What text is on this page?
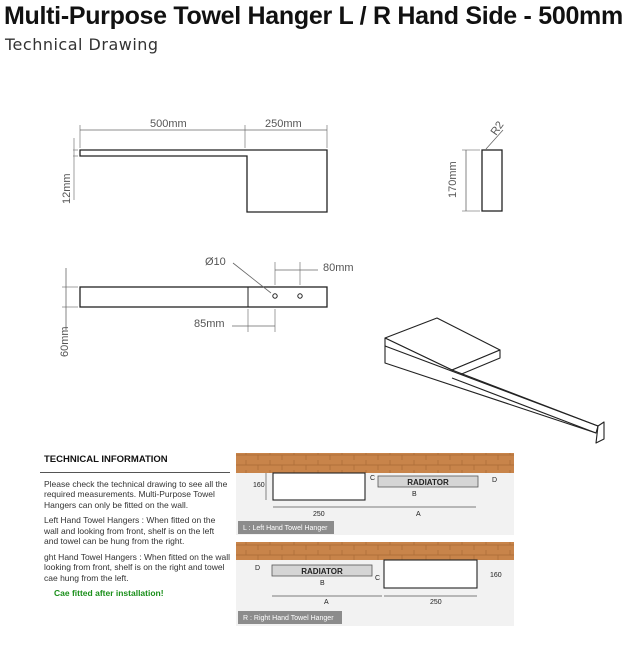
Multi-Purpose Towel Hanger L / R Hand Side - 500mm
Technical Drawing
500mm	250mm
12mm
R2
170mm
Ø10	80mm
85mm
60mm
RADIATOR
160
C
B
D
250	A
L : Left Hand Towel Hanger
RADIATOR	160
C
B
D
A	250
R : Right Hand Towel Hanger
TECHNICAL INFORMATION

Please check the technical drawing to see all the required measurements. Multi-Purpose Towel Hangers can only be fitted on the wall.

Left Hand Towel Hangers : When fitted on the wall and looking from front, shelf is on the left and towel can be hung from the right.

ght Hand Towel Hangers : When fitted on the wall looking from front, shelf is on the right and towel cae hung from the left.

Cae fitted after installation!
